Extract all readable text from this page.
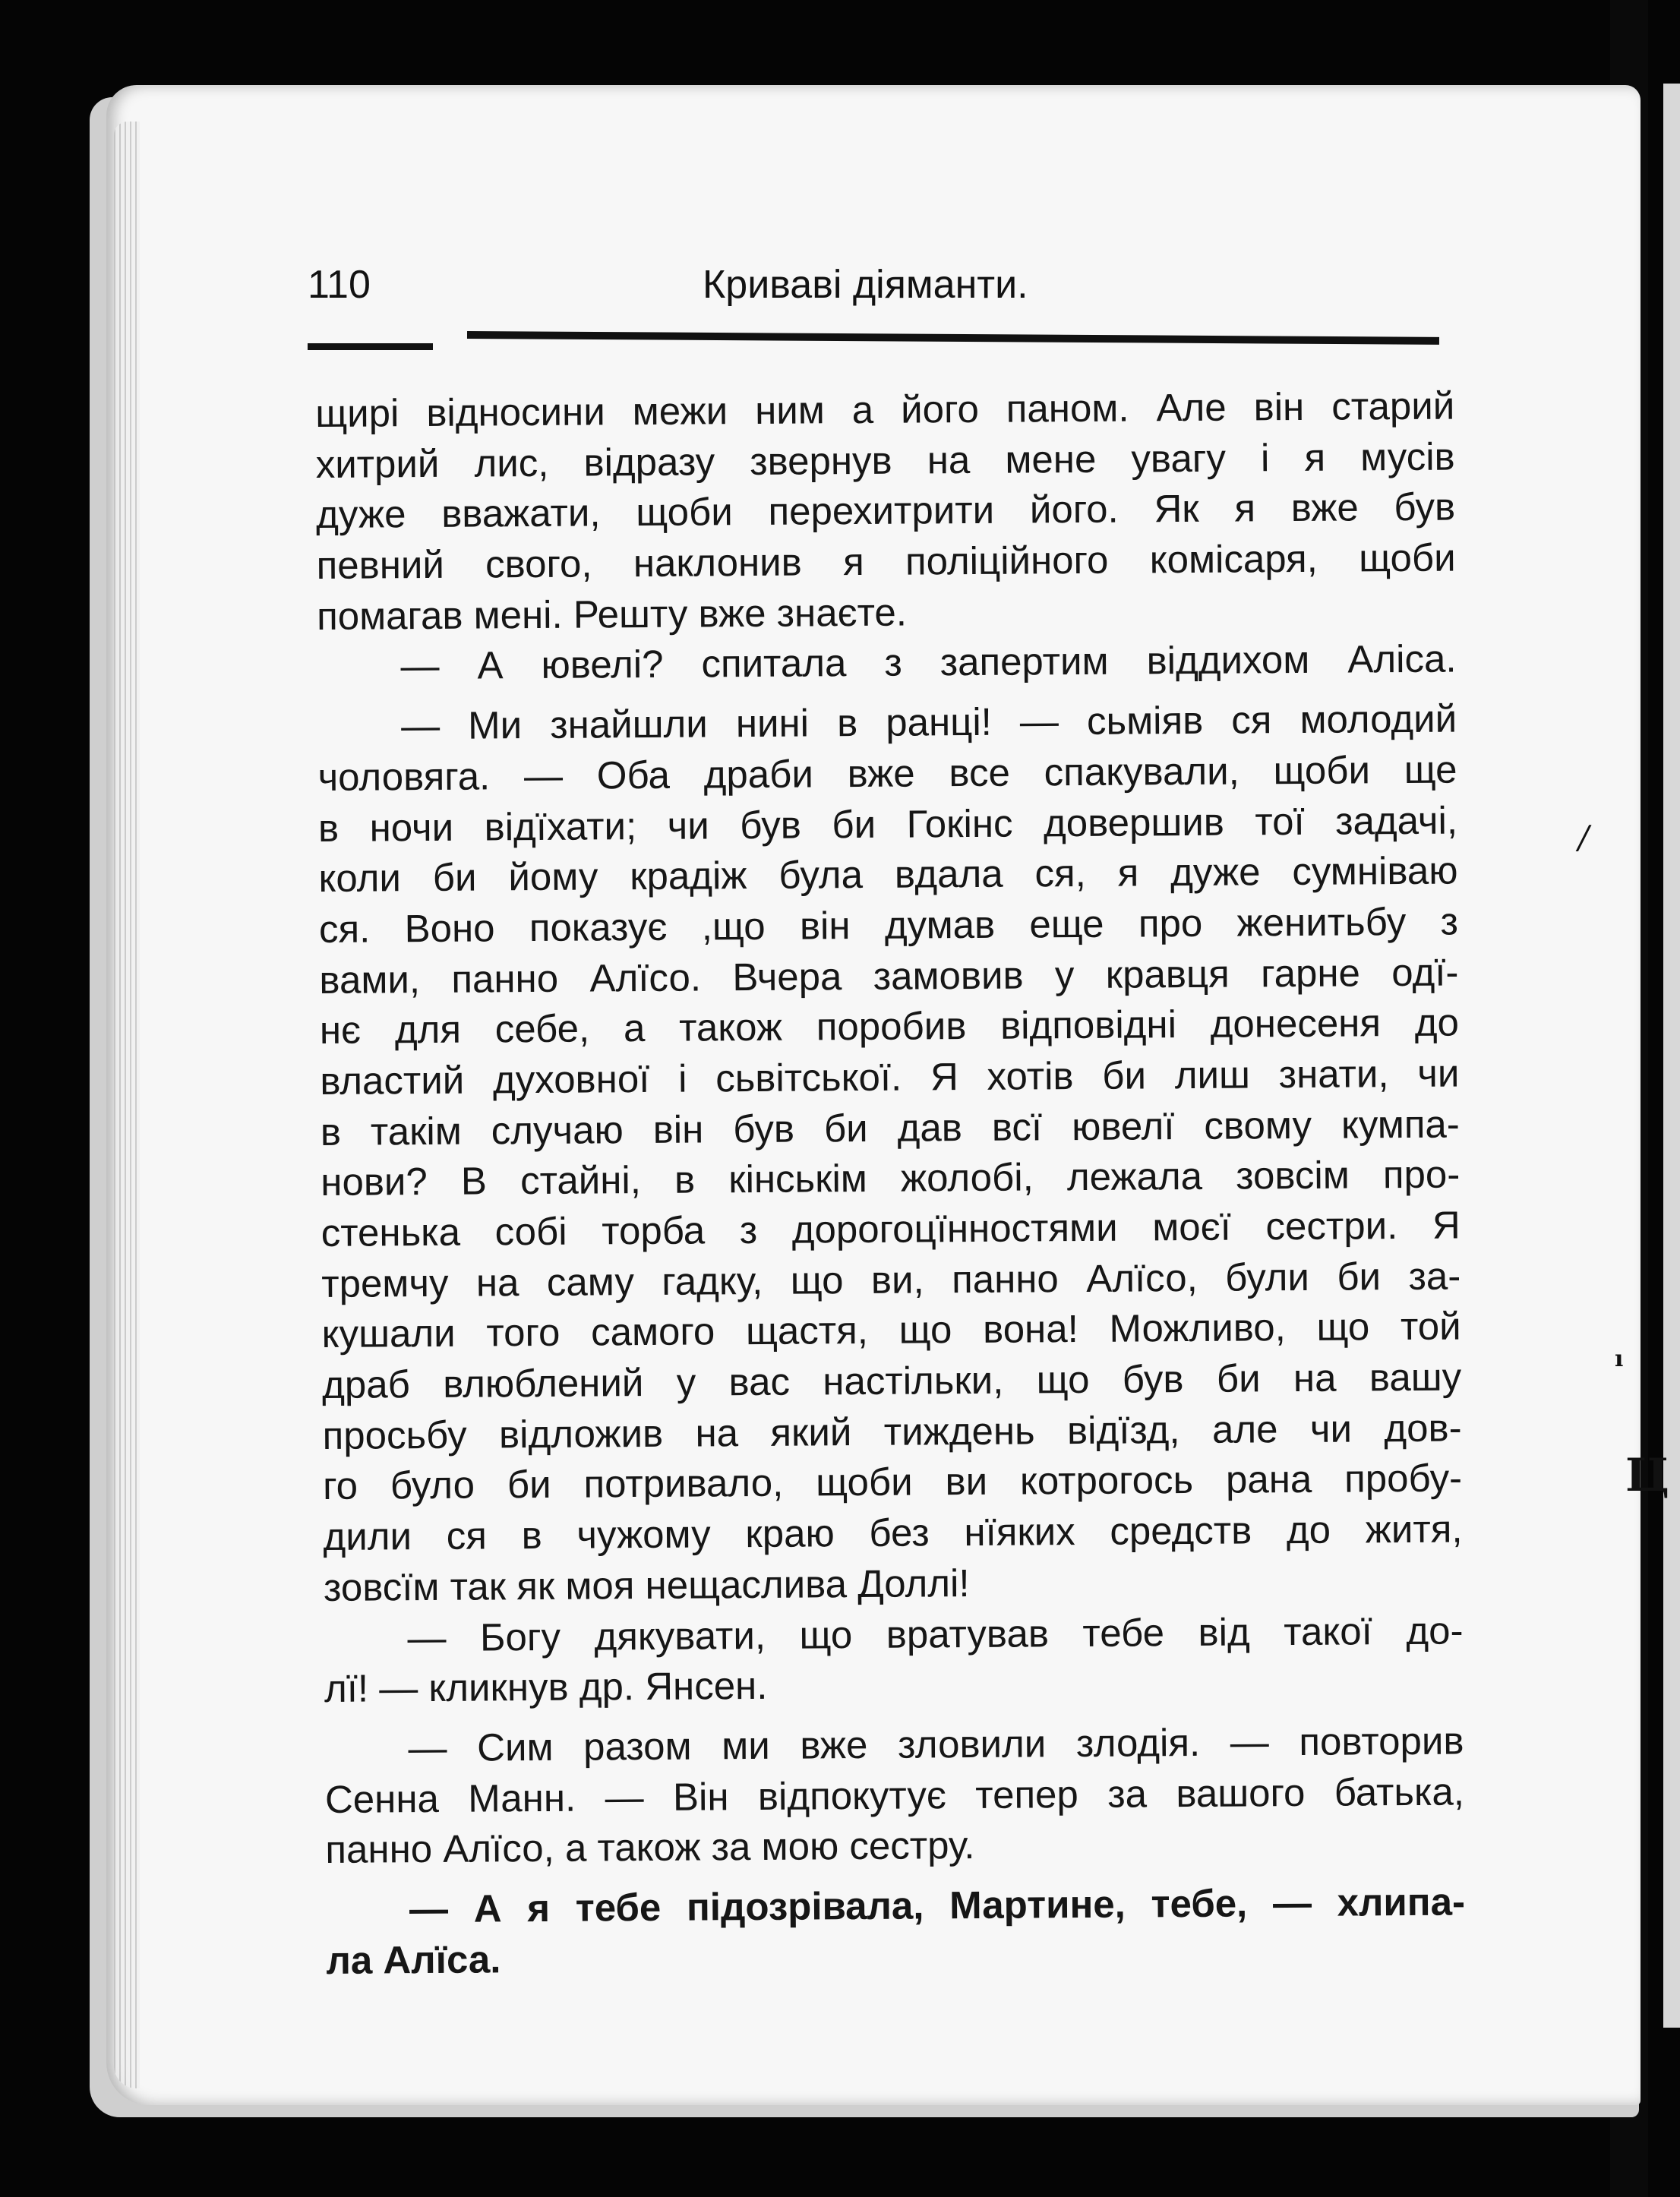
110	Криваві діяманти.
щирі відносини межи ним а його паном. Але він старий
хитрий лис, відразу звернув на мене увагу і я мусів
дуже вважати, щоби перехитрити його. Як я вже був
певний свого, наклонив я поліційного комісаря, щоби
помагав мені. Решту вже знаєте.
— А ювелі? спитала з запертим віддихом Аліса.
— Ми знайшли нині в ранці! — сьміяв ся молодий
чоловяга. — Оба драби вже все спакували, щоби ще
в ночи відїхати; чи був би Гокінс довершив тої задачі,
коли би йому крадіж була вдала ся, я дуже сумніваю
ся. Воно показує ,що він думав еще про женитьбу з
вами, панно Алїсо. Вчера замовив у кравця гарне одї-
нє для себе, а також поробив відповідні донесеня до
властий духовної і сьвітської. Я хотів би лиш знати, чи
в такім случаю він був би дав всї ювелї свому кумпа-
нови? В стайні, в кінськім жолобі, лежала зовсім про-
стенька собі торба з дорогоцїнностями моєї сестри. Я
тремчу на саму гадку, що ви, панно Алїсо, були би за-
кушали того самого щастя, що вона! Можливо, що той
драб влюблений у вас настільки, що був би на вашу
просьбу відложив на який тиждень відїзд, але чи дов-
го було би потривало, щоби ви котрогось рана пробу-
дили ся в чужому краю без нїяких средств до житя,
зовсїм так як моя нещаслива Доллі!
— Богу дякувати, що вратував тебе від такої до-
лї! — кликнув др. Янсен.
— Сим разом ми вже зловили злодія. — повторив
Сенна Манн. — Він відпокутує тепер за вашого батька,
панно Алїсо, а також за мою сестру.
— А я тебе підозрівала, Мартине, тебе, — хлипа-
ла Алїса.
/
ı
Ц
